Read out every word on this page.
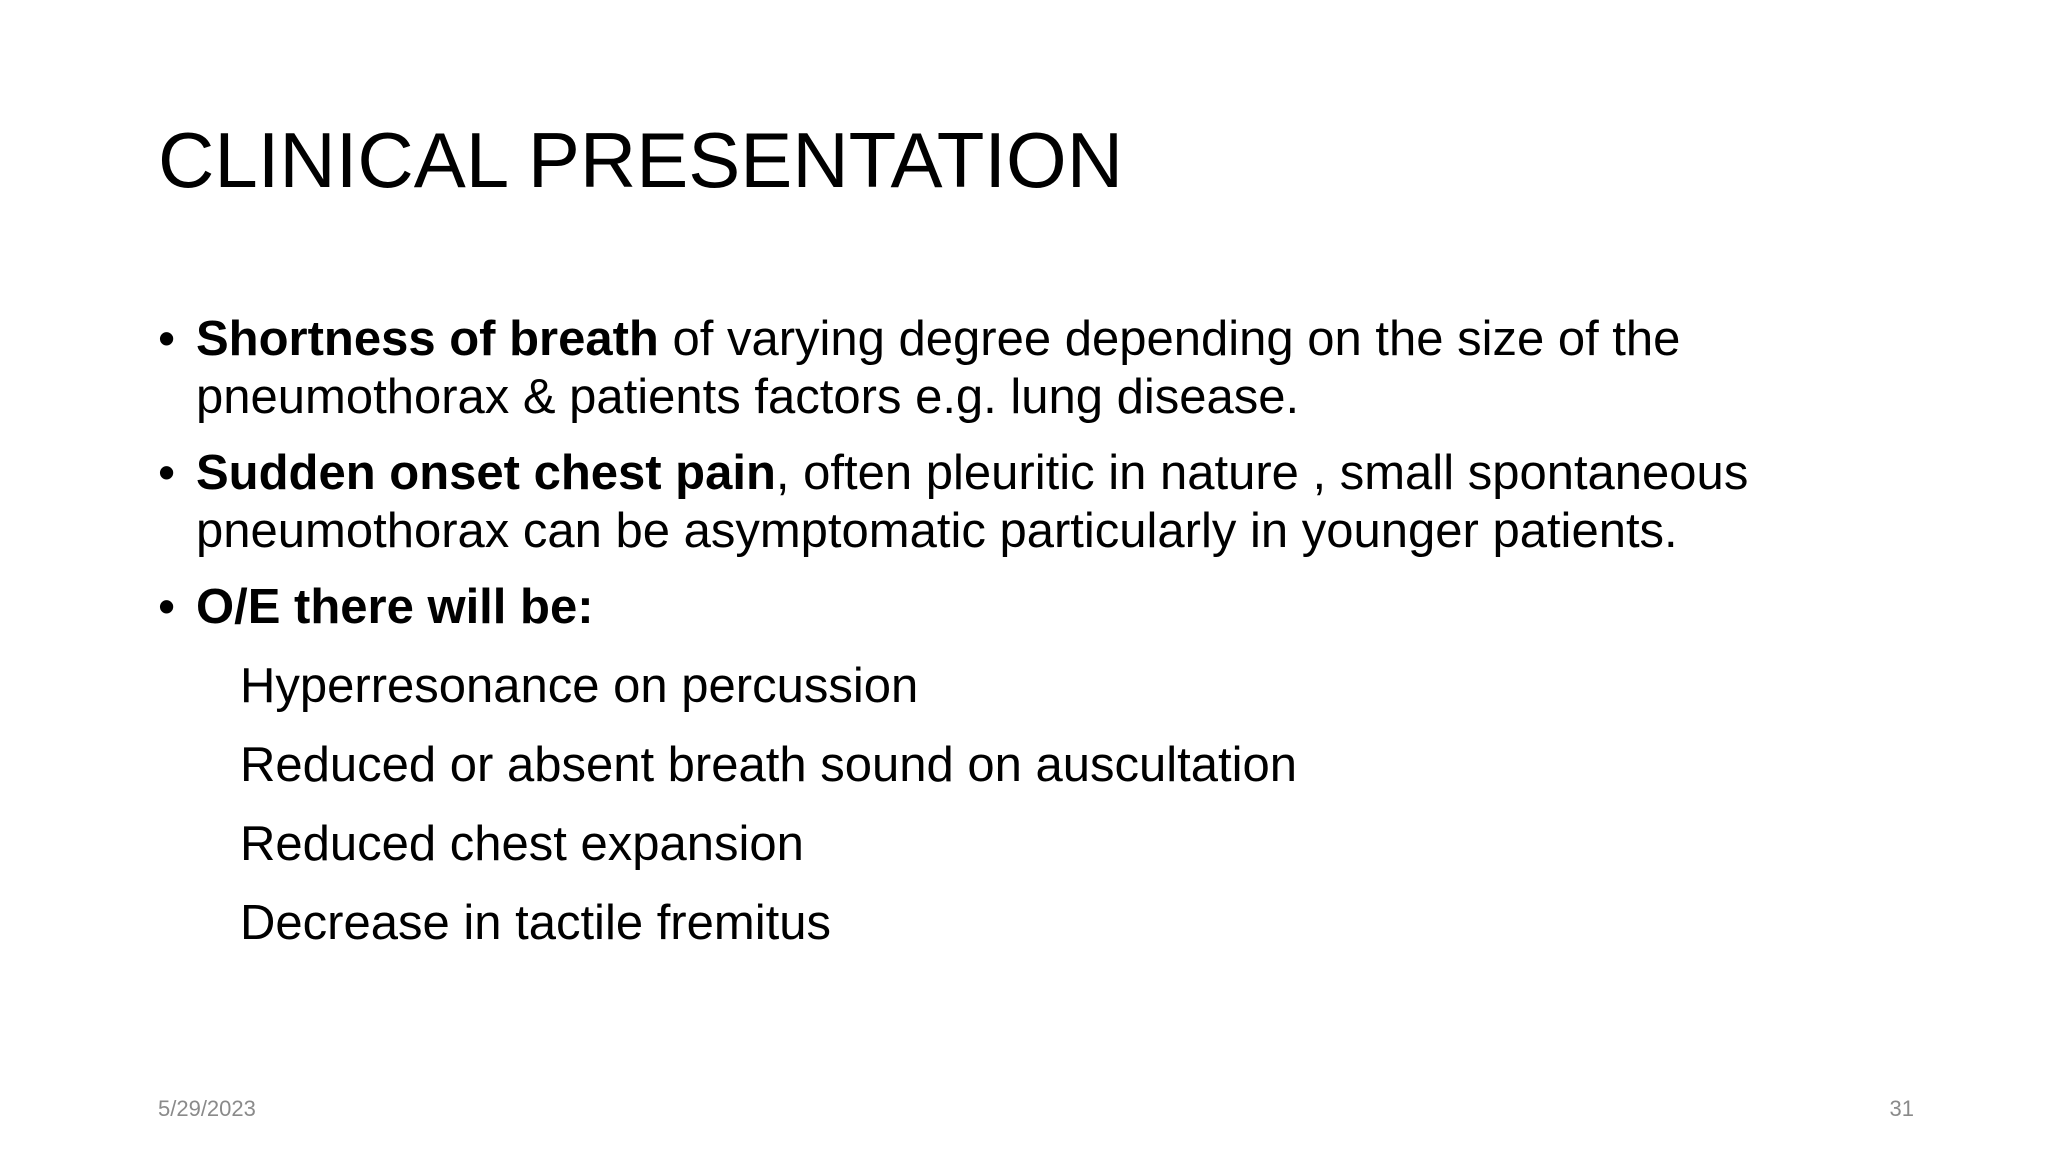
CLINICAL PRESENTATION
• Shortness of breath of varying degree depending on the size of the pneumothorax & patients factors e.g. lung disease.
• Sudden onset chest pain, often pleuritic in nature , small spontaneous pneumothorax can be asymptomatic particularly in younger patients.
• O/E there will be:
Hyperresonance on percussion
Reduced or absent breath sound on auscultation
Reduced chest expansion
Decrease in tactile fremitus
5/29/2023	31
